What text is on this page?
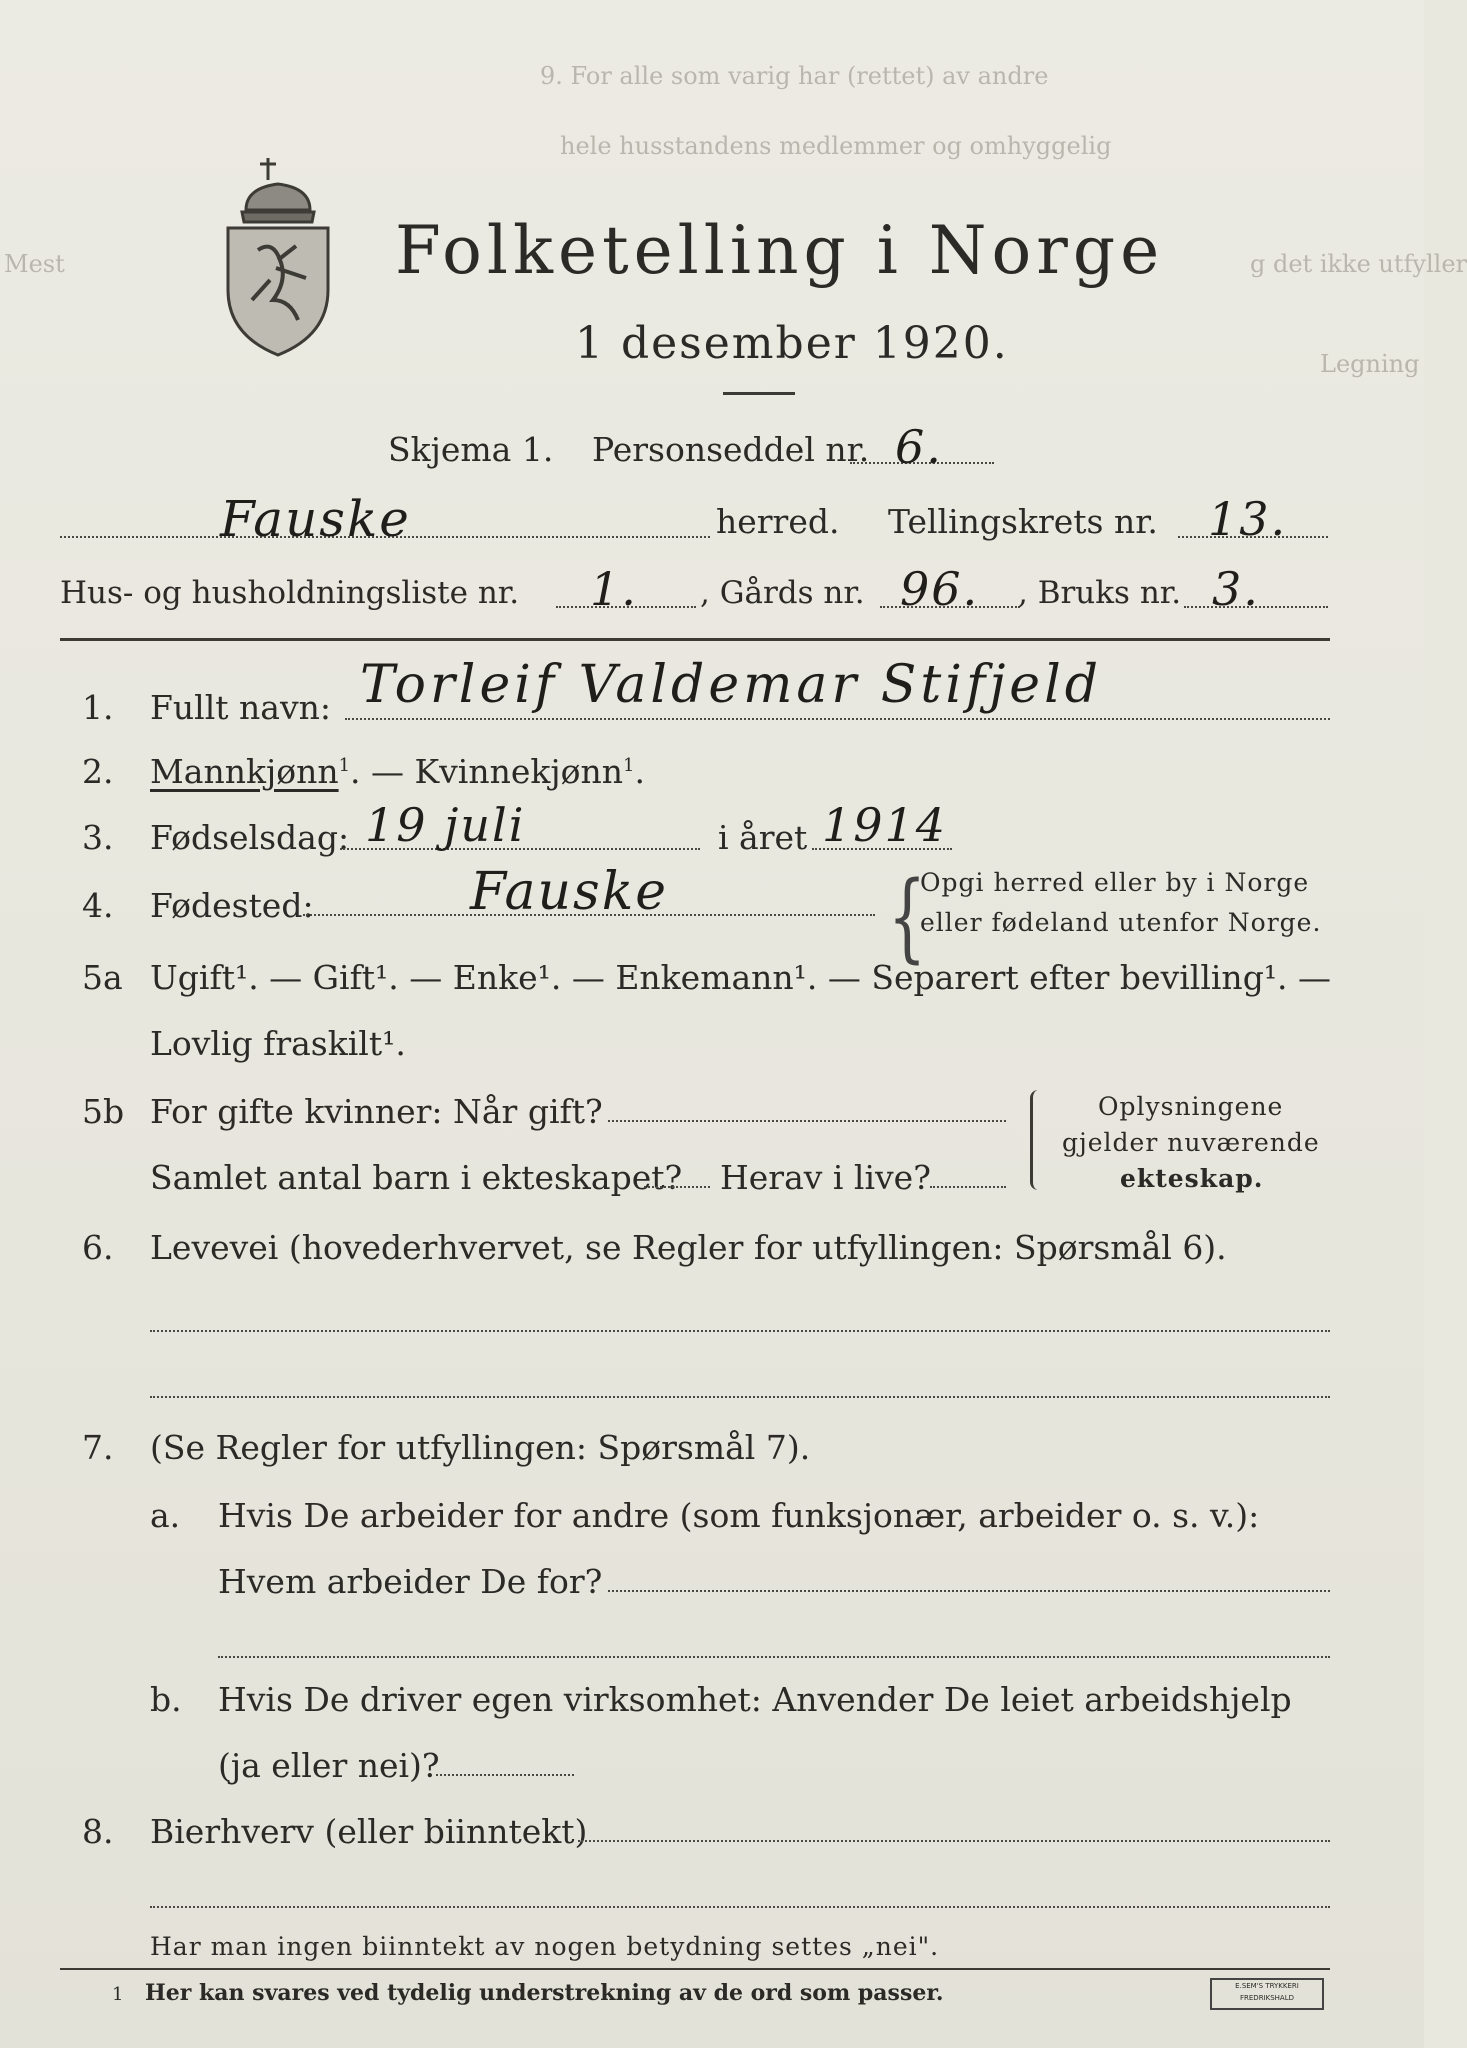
9. For alle som varig har (rettet) av andre
hele husstandens medlemmer og omhyggelig
Mest	g det ikke utfyller
Legning
Folketelling i Norge
1 desember 1920.
Skjema 1. Personseddel nr. 6.
Fauske	herred. Tellingskrets nr. 13.
Hus- og husholdningsliste nr. 1. , Gårds nr. 96. , Bruks nr. 3.
1. Fullt navn: Torleif Valdemar Stifjeld
2. Mannkjønn$^1$. — Kvinnekjønn$^1$.
3. Fødselsdag: 19 juli	i året 1914
4. Fødested:	Fauske	{
Opgi herred eller by i Norge
eller fødeland utenfor Norge.
5a Ugift¹. — Gift¹. — Enke¹. — Enkemann¹. — Separert efter bevilling¹. —
Lovlig fraskilt¹.
5b For gifte kvinner: Når gift?
Samlet antal barn i ekteskapet? Herav i live?
Oplysningene
gjelder nuværende
ekteskap.
6. Levevei (hovederhvervet, se Regler for utfyllingen: Spørsmål 6).
7. (Se Regler for utfyllingen: Spørsmål 7).
a. Hvis De arbeider for andre (som funksjonær, arbeider o. s. v.):
Hvem arbeider De for?
b. Hvis De driver egen virksomhet: Anvender De leiet arbeidshjelp
(ja eller nei)?
8. Bierhverv (eller biinntekt)
Har man ingen biinntekt av nogen betydning settes „nei".
1 Her kan svares ved tydelig understrekning av de ord som passer.	E.SEM'S TRYKKERI
FREDRIKSHALD
